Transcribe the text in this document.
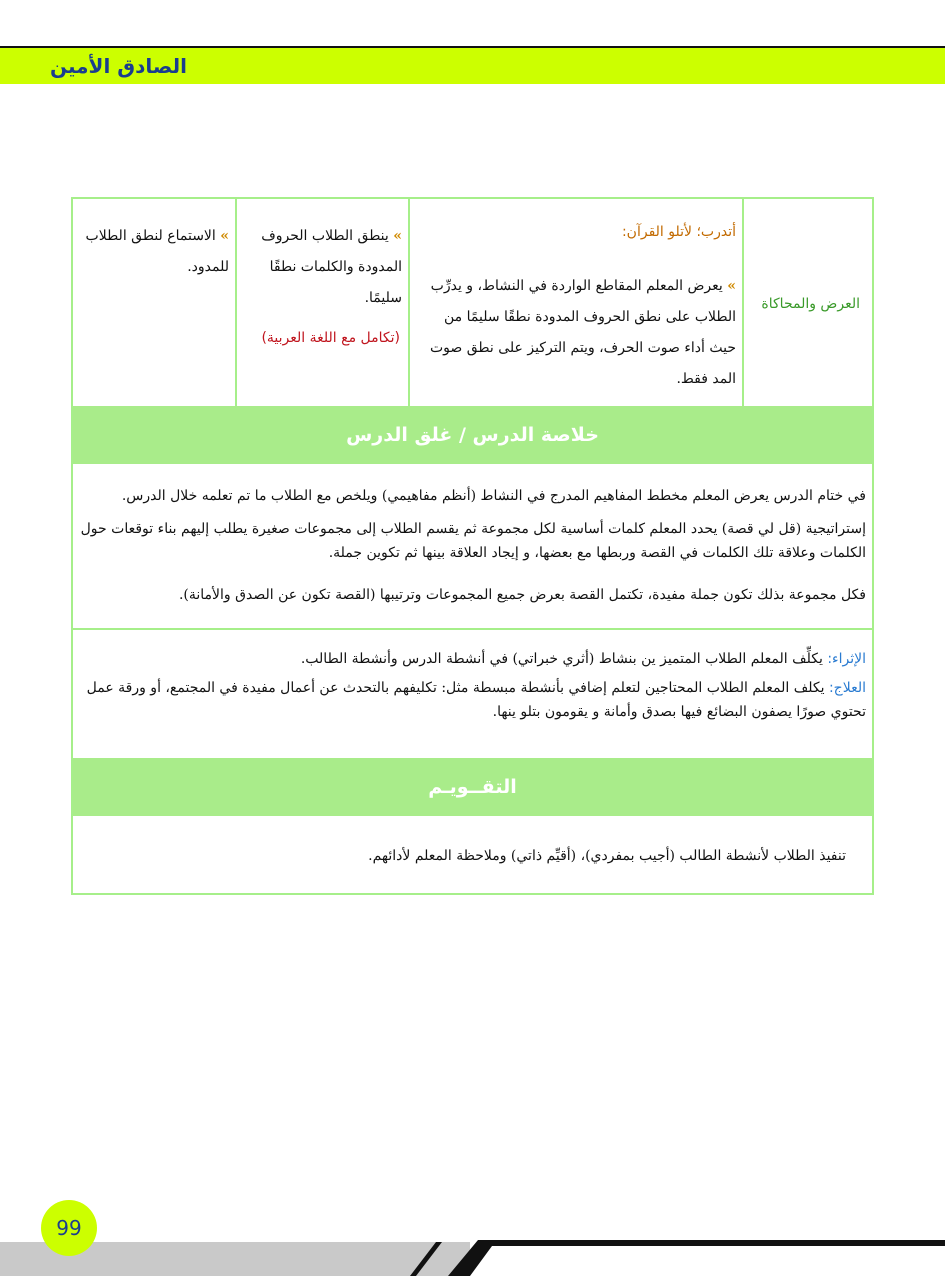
الصادق الأمين
العرض والمحاكاة
أتدرب؛ لأتلو القرآن:
» يعرض المعلم المقاطع الواردة في النشاط، و يدرِّب الطلاب على نطق الحروف المدودة نطقًا سليمًا من حيث أداء صوت الحرف، ويتم التركيز على نطق صوت المد فقط.
» ينطق الطلاب الحروف المدودة والكلمات نطقًا سليمًا.
(تكامل مع اللغة العربية)
» الاستماع لنطق الطلاب للمدود.
خلاصة الدرس / غلق الدرس
في ختام الدرس يعرض المعلم مخطط المفاهيم المدرج في النشاط (أنظم مفاهيمي) ويلخص مع الطلاب ما تم تعلمه خلال الدرس.
إستراتيجية (قل لي قصة) يحدد المعلم كلمات أساسية لكل مجموعة ثم يقسم الطلاب إلى مجموعات صغيرة يطلب إليهم بناء توقعات حول الكلمات وعلاقة تلك الكلمات في القصة وربطها مع بعضها، و إيجاد العلاقة بينها ثم تكوين جملة.
فكل مجموعة بذلك تكون جملة مفيدة، تكتمل القصة بعرض جميع المجموعات وترتيبها (القصة تكون عن الصدق والأمانة).
الإثراء: يكلِّف المعلم الطلاب المتميز ين بنشاط (أثري خبراتي) في أنشطة الدرس وأنشطة الطالب.
العلاج: يكلف المعلم الطلاب المحتاجين لتعلم إضافي بأنشطة مبسطة مثل: تكليفهم بالتحدث عن أعمال مفيدة في المجتمع، أو ورقة عمل تحتوي صورًا يصفون البضائع فيها بصدق وأمانة و يقومون بتلو ينها.
التقــويـم
تنفيذ الطلاب لأنشطة الطالب (أجيب بمفردي)، (أقيِّم ذاتي) وملاحظة المعلم لأدائهم.
99
